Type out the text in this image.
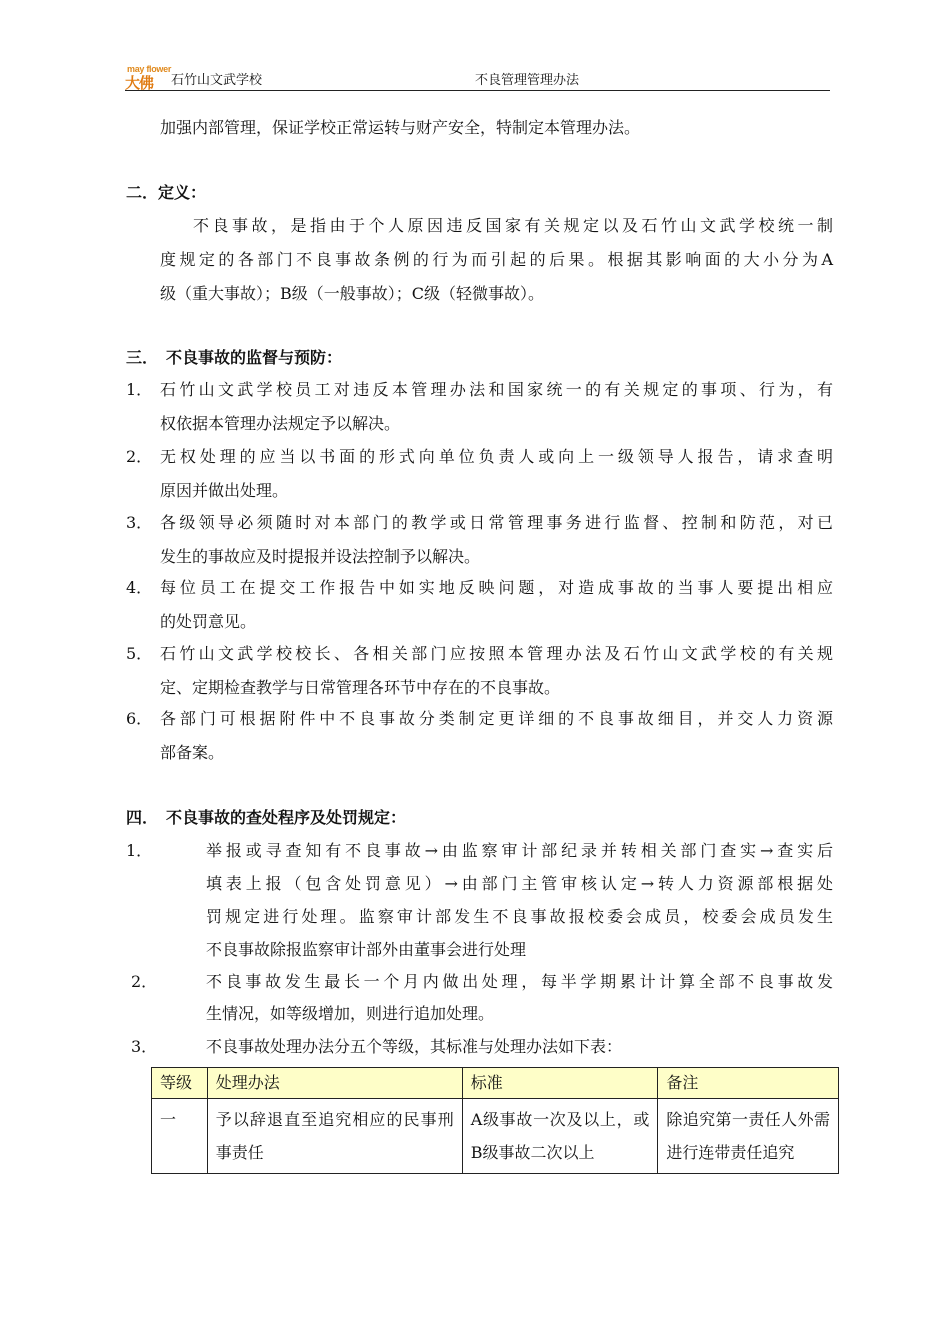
may flower
大佛 石竹山文武学校	不良管理管理办法
加强内部管理，保证学校正常运转与财产安全，特制定本管理办法。
二．定义：
不良事故，是指由于个人原因违反国家有关规定以及石竹山文武学校统一制
度规定的各部门不良事故条例的行为而引起的后果。根据其影响面的大小分为A
级（重大事故）；B级（一般事故）；C级（轻微事故）。
三．　不良事故的监督与预防：
1． 石竹山文武学校员工对违反本管理办法和国家统一的有关规定的事项、行为，有
权依据本管理办法规定予以解决。
2． 无权处理的应当以书面的形式向单位负责人或向上一级领导人报告，请求查明
原因并做出处理。
3． 各级领导必须随时对本部门的教学或日常管理事务进行监督、控制和防范，对已
发生的事故应及时提报并设法控制予以解决。
4． 每位员工在提交工作报告中如实地反映问题，对造成事故的当事人要提出相应
的处罚意见。
5． 石竹山文武学校校长、各相关部门应按照本管理办法及石竹山文武学校的有关规
定、定期检查教学与日常管理各环节中存在的不良事故。
6． 各部门可根据附件中不良事故分类制定更详细的不良事故细目，并交人力资源
部备案。
四．　不良事故的查处程序及处罚规定：
1．	举报或寻查知有不良事故→由监察审计部纪录并转相关部门查实→查实后
填表上报（包含处罚意见）→由部门主管审核认定→转人力资源部根据处
罚规定进行处理。监察审计部发生不良事故报校委会成员，校委会成员发生
不良事故除报监察审计部外由董事会进行处理
2．	不良事故发生最长一个月内做出处理，每半学期累计计算全部不良事故发
生情况，如等级增加，则进行追加处理。
3．	不良事故处理办法分五个等级，其标准与处理办法如下表：
等级	处理办法	标准	备注
一	予以辞退直至追究相应的民事刑事责任	A级事故一次及以上，或B级事故二次以上	除追究第一责任人外需进行连带责任追究
